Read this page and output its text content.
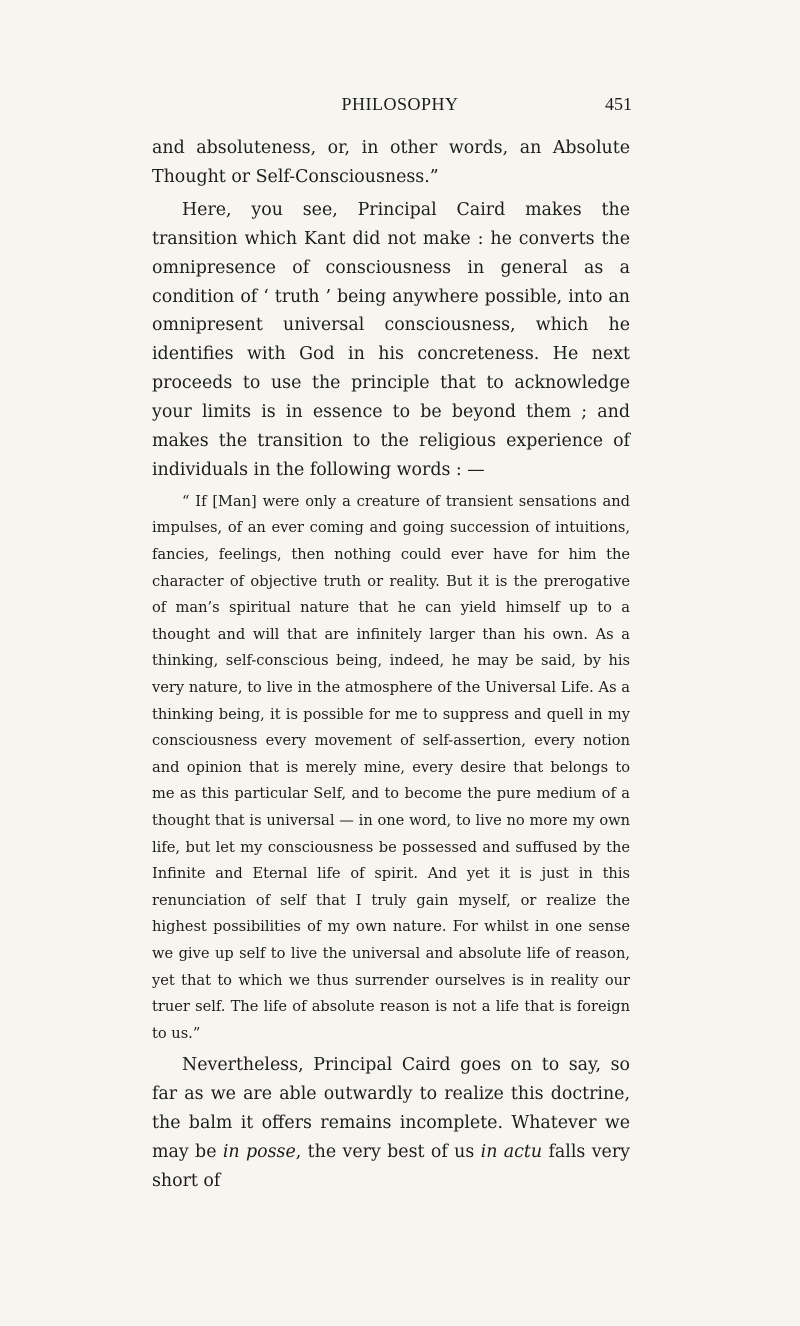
PHILOSOPHY	451

and absoluteness, or, in other words, an Absolute Thought or Self-Consciousness.”

Here, you see, Principal Caird makes the transition which Kant did not make : he converts the omnipresence of consciousness in general as a condition of ‘ truth ’ being anywhere possible, into an omnipresent universal consciousness, which he identifies with God in his concreteness. He next proceeds to use the principle that to acknowledge your limits is in essence to be beyond them ; and makes the transition to the religious experience of individuals in the following words : —

“ If [Man] were only a creature of transient sensations and impulses, of an ever coming and going succession of intuitions, fancies, feelings, then nothing could ever have for him the character of objective truth or reality. But it is the prerogative of man’s spiritual nature that he can yield himself up to a thought and will that are infinitely larger than his own. As a thinking, self-conscious being, indeed, he may be said, by his very nature, to live in the atmosphere of the Universal Life. As a thinking being, it is possible for me to suppress and quell in my consciousness every movement of self-assertion, every notion and opinion that is merely mine, every desire that belongs to me as this particular Self, and to become the pure medium of a thought that is universal — in one word, to live no more my own life, but let my consciousness be possessed and suffused by the Infinite and Eternal life of spirit. And yet it is just in this renunciation of self that I truly gain myself, or realize the highest possibilities of my own nature. For whilst in one sense we give up self to live the universal and absolute life of reason, yet that to which we thus surrender ourselves is in reality our truer self. The life of absolute reason is not a life that is foreign to us.”

Nevertheless, Principal Caird goes on to say, so far as we are able outwardly to realize this doctrine, the balm it offers remains incomplete. Whatever we may be in posse, the very best of us in actu falls very short of
